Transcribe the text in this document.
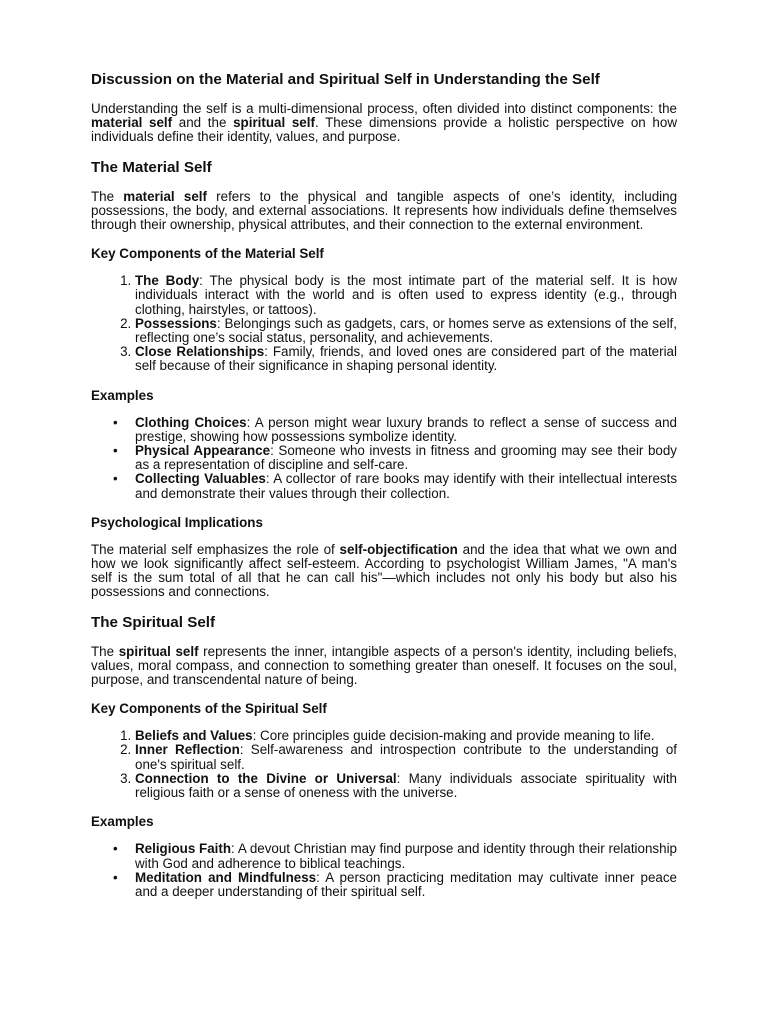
Discussion on the Material and Spiritual Self in Understanding the Self

Understanding the self is a multi-dimensional process, often divided into distinct components: the material self and the spiritual self. These dimensions provide a holistic perspective on how individuals define their identity, values, and purpose.

The Material Self

The material self refers to the physical and tangible aspects of one’s identity, including possessions, the body, and external associations. It represents how individuals define themselves through their ownership, physical attributes, and their connection to the external environment.

Key Components of the Material Self
1. The Body: The physical body is the most intimate part of the material self. It is how individuals interact with the world and is often used to express identity (e.g., through clothing, hairstyles, or tattoos).
2. Possessions: Belongings such as gadgets, cars, or homes serve as extensions of the self, reflecting one’s social status, personality, and achievements.
3. Close Relationships: Family, friends, and loved ones are considered part of the material self because of their significance in shaping personal identity.
Examples
• Clothing Choices: A person might wear luxury brands to reflect a sense of success and prestige, showing how possessions symbolize identity.
• Physical Appearance: Someone who invests in fitness and grooming may see their body as a representation of discipline and self-care.
• Collecting Valuables: A collector of rare books may identify with their intellectual interests and demonstrate their values through their collection.
Psychological Implications

The material self emphasizes the role of self-objectification and the idea that what we own and how we look significantly affect self-esteem. According to psychologist William James, "A man's self is the sum total of all that he can call his"—which includes not only his body but also his possessions and connections.

The Spiritual Self

The spiritual self represents the inner, intangible aspects of a person's identity, including beliefs, values, moral compass, and connection to something greater than oneself. It focuses on the soul, purpose, and transcendental nature of being.

Key Components of the Spiritual Self
1. Beliefs and Values: Core principles guide decision-making and provide meaning to life.
2. Inner Reflection: Self-awareness and introspection contribute to the understanding of one's spiritual self.
3. Connection to the Divine or Universal: Many individuals associate spirituality with religious faith or a sense of oneness with the universe.
Examples
• Religious Faith: A devout Christian may find purpose and identity through their relationship with God and adherence to biblical teachings.
• Meditation and Mindfulness: A person practicing meditation may cultivate inner peace and a deeper understanding of their spiritual self.
